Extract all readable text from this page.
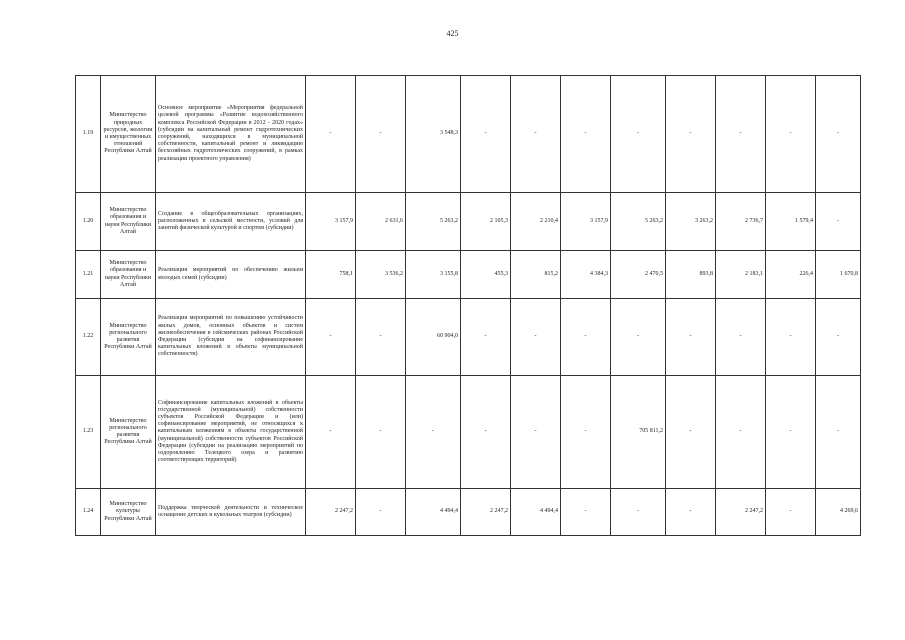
425
1.19	Министерство природных ресурсов, экологии и имущественных отношений Республики Алтай	Основное мероприятие «Мероприятия федеральной целевой программы «Развитие водохозяйственного комплекса Российской Федерации в 2012 - 2020 годах» (субсидии на капитальный ремонт гидротехнических сооружений, находящихся в муниципальной собственности, капитальный ремонт и ликвидацию бесхозяйных гидротехнических сооружений, в рамках реализации проектного управления)	-	-	3 548,3	-	-	-	-	-	-	-	-
1.20	Министерство образования и науки Республики Алтай	Создание в общеобразовательных организациях, расположенных в сельской местности, условий для занятий физической культурой и спортом (субсидии)	3 157,9	2 631,6	5 263,2	2 105,3	2 210,4	3 157,9	5 263,2	3 263,2	2 736,7	1 579,4	-
1.21	Министерство образования и науки Республики Алтай	Реализация мероприятий по обеспечению жильем молодых семей (субсидии)	758,1	3 536,2	3 155,8	455,3	815,2	4 384,3	2 470,5	893,8	2 183,1	226,4	1 670,8
1.22	Министерство регионального развития Республики Алтай	Реализация мероприятий по повышению устойчивости жилых домов, основных объектов и систем жизнеобеспечения в сейсмических районах Российской Федерации (субсидии на софинансирование капитальных вложений в объекты муниципальной собственности)	-	-	60 904,0	-	-	-	-	-	-	-	-
1.23	Министерство регионального развития Республики Алтай	Софинансирование капитальных вложений в объекты государственной (муниципальной) собственности субъектов Российской Федерации и (или) софинансирование мероприятий, не относящихся к капитальным вложениям в объекты государственной (муниципальной) собственности субъектов Российской Федерации (субсидии на реализацию мероприятий по оздоровлению Телецкого озера и развитию соответствующих территорий)	-	-	-	-	-	-	705 811,2	-	-	-	-
1.24	Министерство культуры Республики Алтай	Поддержка творческой деятельности и техническое оснащение детских и кукольных театров (субсидии)	2 247,2	-	4 494,4	2 247,2	4 494,4	-	-	-	2 247,2	-	4 269,6
